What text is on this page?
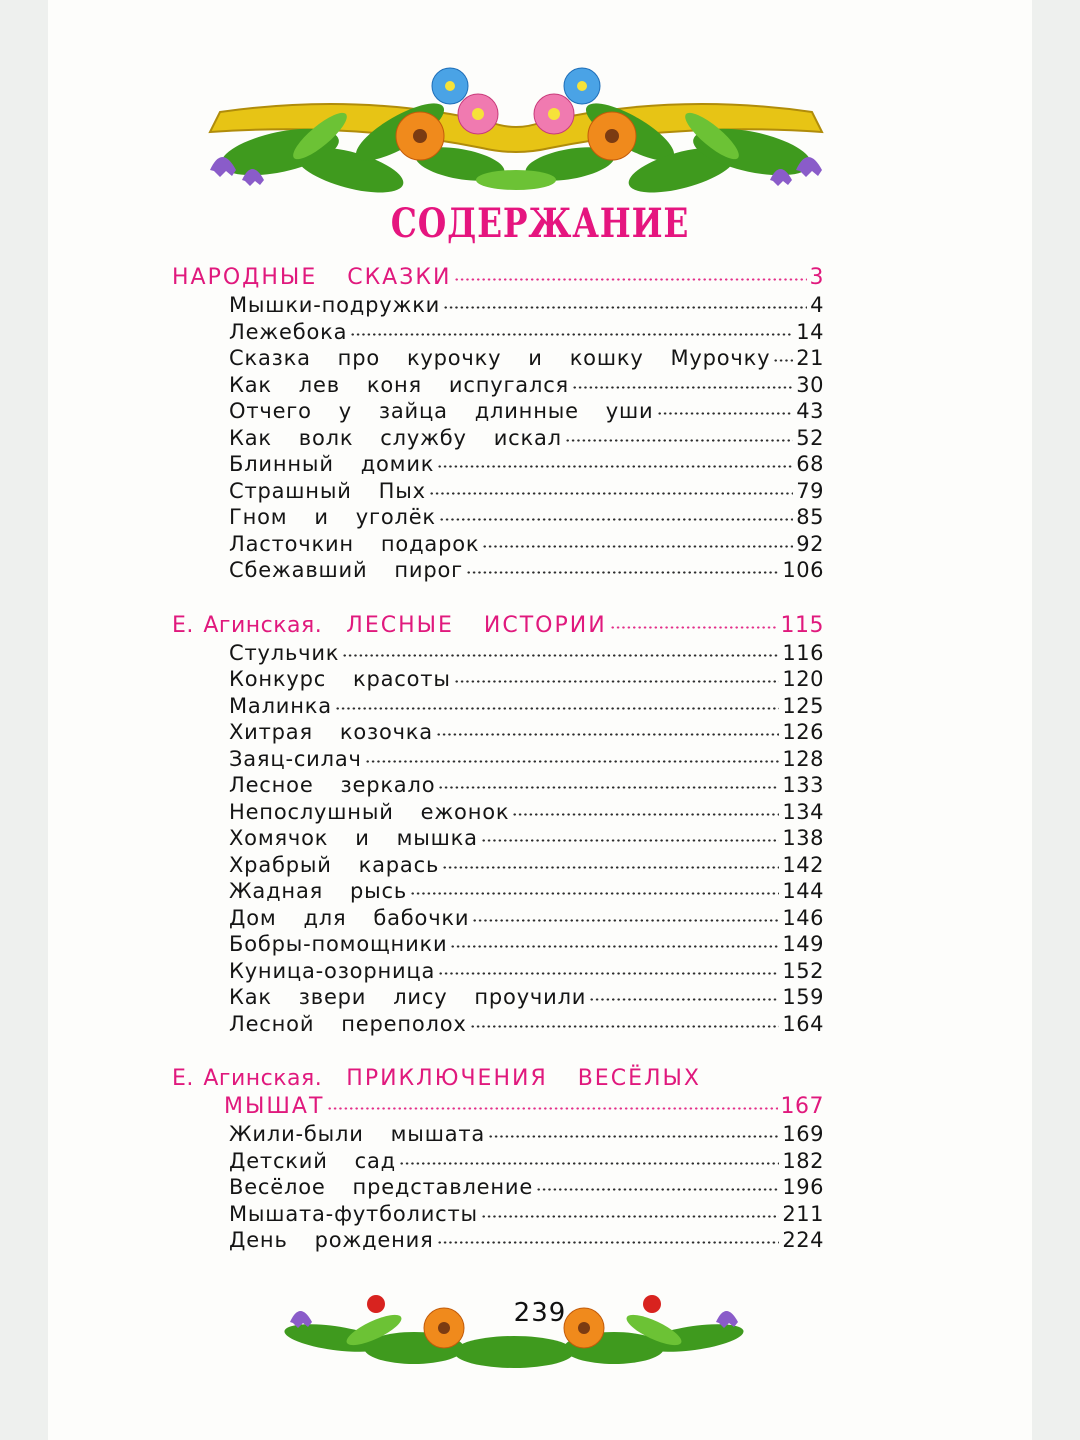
СОДЕРЖАНИЕ
НАРОДНЫЕ  СКАЗКИ	3
Мышки-подружки	4
Лежебока	14
Сказка  про  курочку  и  кошку  Мурочку 21
Как  лев  коня  испугался	30
Отчего  у  зайца  длинные  уши	43
Как  волк  службу  искал	52
Блинный  домик	68
Страшный  Пых	79
Гном  и  уголёк	85
Ласточкин  подарок	92
Сбежавший  пирог	106
Е. Агинская. ЛЕСНЫЕ  ИСТОРИИ	115
Стульчик	116
Конкурс  красоты	120
Малинка	125
Хитрая  козочка	126
Заяц-силач	128
Лесное  зеркало	133
Непослушный  ежонок	134
Хомячок  и  мышка	138
Храбрый  карась	142
Жадная  рысь	144
Дом  для  бабочки	146
Бобры-помощники	149
Куница-озорница	152
Как  звери  лису  проучили	159
Лесной  переполох	164
Е. Агинская. ПРИКЛЮЧЕНИЯ  ВЕСЁЛЫХ
МЫШАТ	167
Жили-были  мышата	169
Детский  сад	182
Весёлое  представление	196
Мышата-футболисты	211
День  рождения	224
239
